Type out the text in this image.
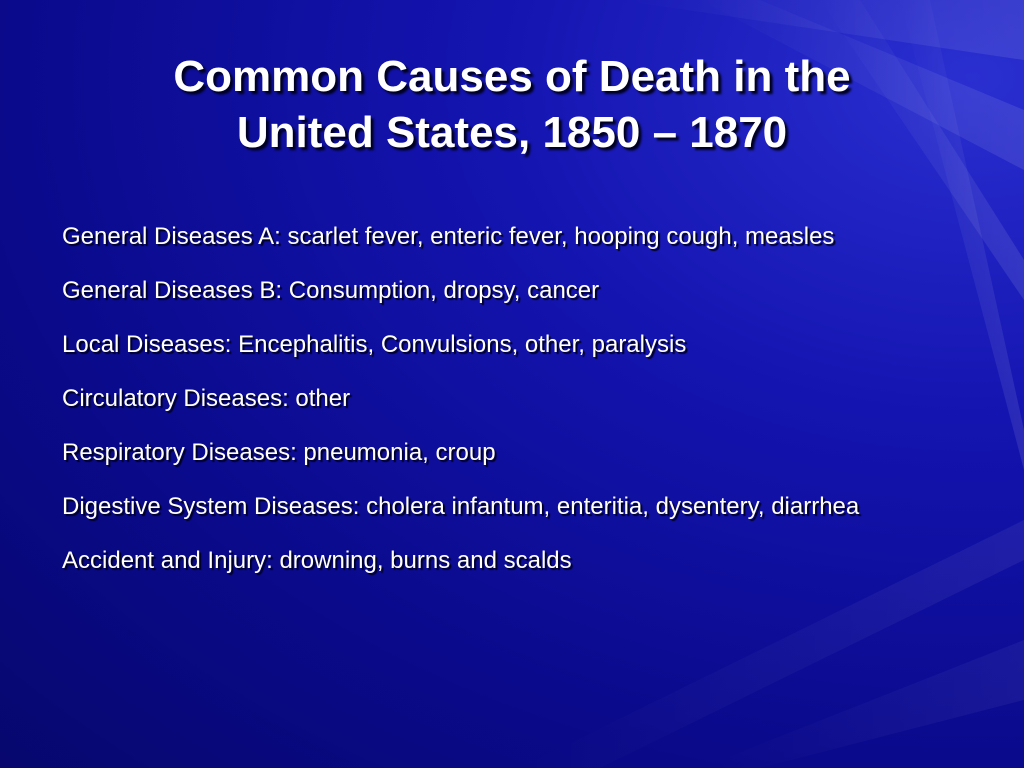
Common Causes of Death in the
United States, 1850 – 1870
General Diseases A: scarlet fever, enteric fever, hooping cough, measles
General Diseases B: Consumption, dropsy, cancer
Local Diseases: Encephalitis, Convulsions, other, paralysis
Circulatory Diseases: other
Respiratory Diseases: pneumonia, croup
Digestive System Diseases: cholera infantum, enteritia, dysentery, diarrhea
Accident and Injury: drowning, burns and scalds
